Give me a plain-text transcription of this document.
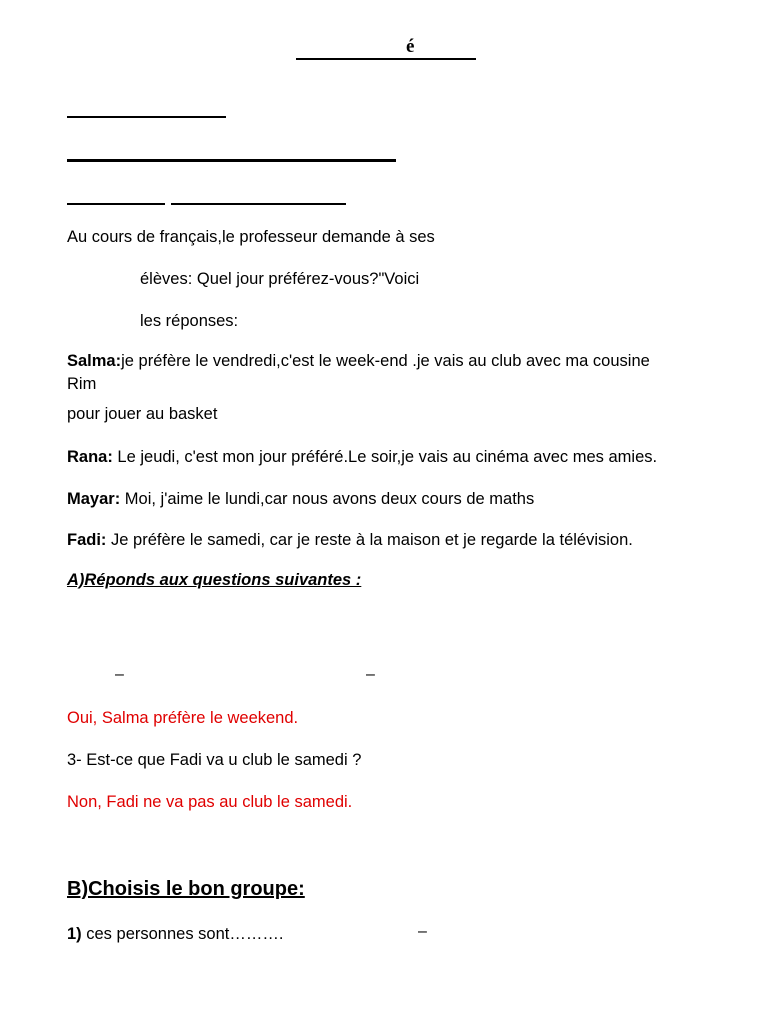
é
Au cours de français,le professeur demande à ses
élèves: Quel jour préférez-vous?"Voici
les réponses:
Salma:je préfère le vendredi,c'est le week-end .je vais au club avec ma cousine
Rim
pour jouer au basket
Rana: Le jeudi, c'est mon jour préféré.Le soir,je vais au cinéma avec mes amies.
Mayar: Moi, j'aime le lundi,car nous avons deux cours de maths
Fadi: Je préfère le samedi, car je reste à la maison et je regarde la télévision.
A)Réponds aux questions suivantes :
–	–
Oui, Salma préfère le weekend.
3- Est-ce que Fadi va u club le samedi ?
Non, Fadi ne va pas au club le samedi.
B)Choisis le bon groupe:
1) ces personnes sont……….	–
